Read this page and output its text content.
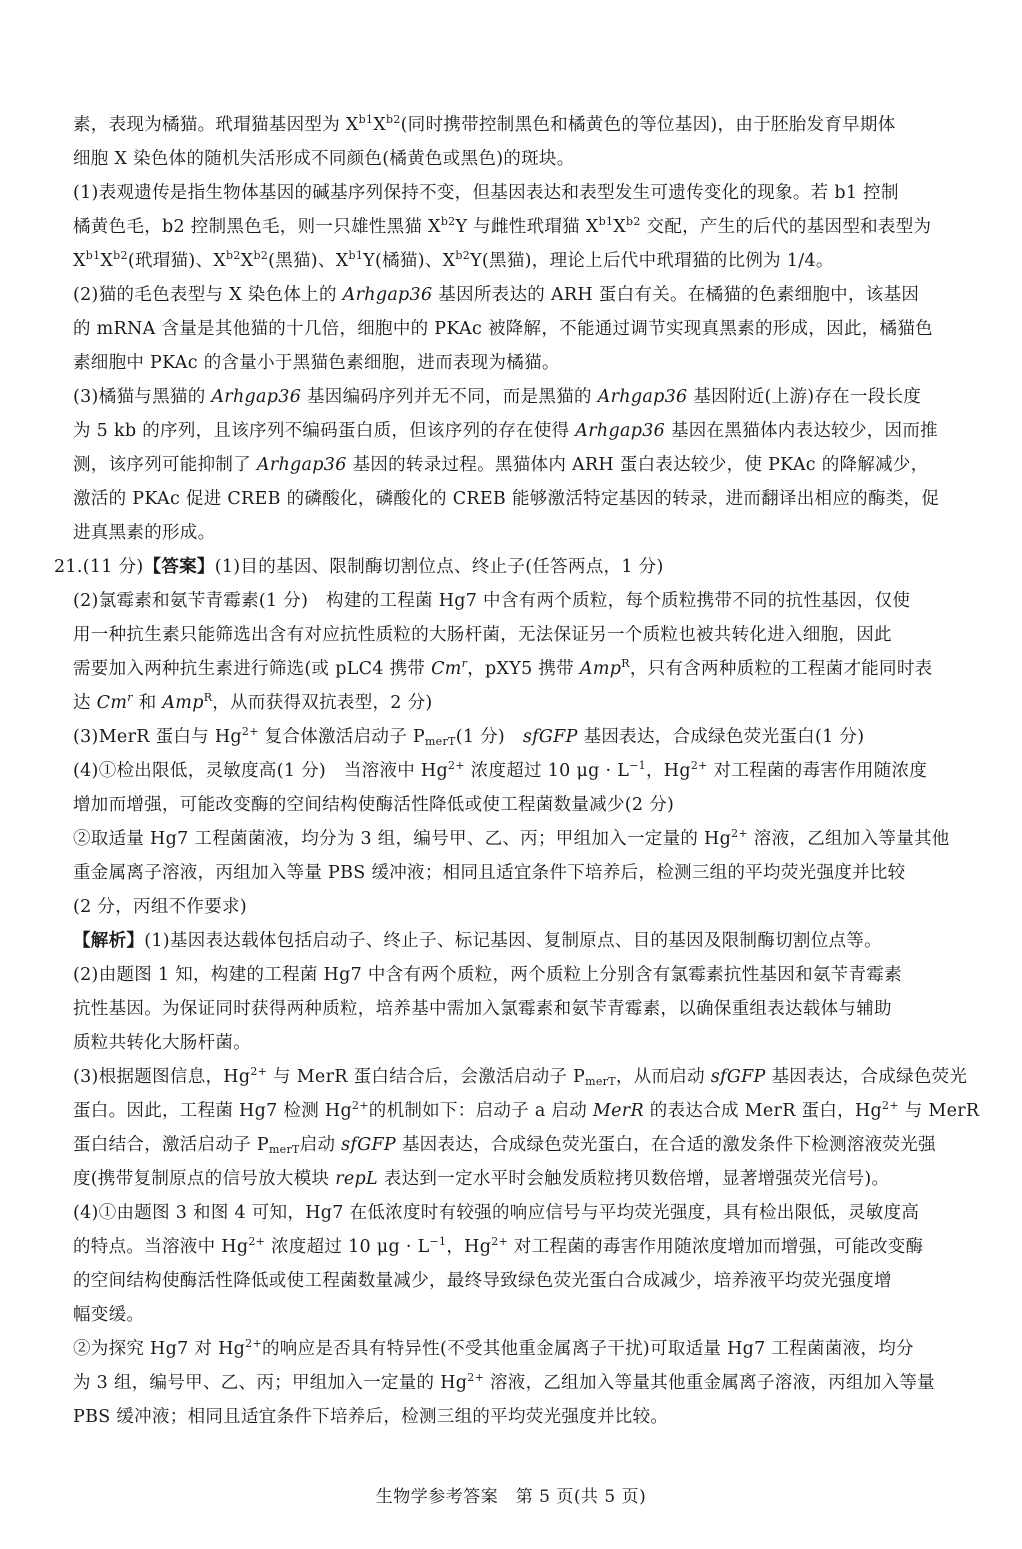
素，表现为橘猫。玳瑁猫基因型为 $X^{b1}X^{b2}$(同时携带控制黑色和橘黄色的等位基因)，由于胚胎发育早期体
细胞 X 染色体的随机失活形成不同颜色(橘黄色或黑色)的斑块。
(1)表观遗传是指生物体基因的碱基序列保持不变，但基因表达和表型发生可遗传变化的现象。若 b1 控制
橘黄色毛，b2 控制黑色毛，则一只雄性黑猫 $X^{b2}Y$ 与雌性玳瑁猫 $X^{b1}X^{b2}$ 交配，产生的后代的基因型和表型为
$X^{b1}X^{b2}$(玳瑁猫)、$X^{b2}X^{b2}$(黑猫)、$X^{b1}Y$(橘猫)、$X^{b2}Y$(黑猫)，理论上后代中玳瑁猫的比例为 1/4。
(2)猫的毛色表型与 X 染色体上的 Arhgap36 基因所表达的 ARH 蛋白有关。在橘猫的色素细胞中，该基因
的 mRNA 含量是其他猫的十几倍，细胞中的 PKAc 被降解，不能通过调节实现真黑素的形成，因此，橘猫色
素细胞中 PKAc 的含量小于黑猫色素细胞，进而表现为橘猫。
(3)橘猫与黑猫的 Arhgap36 基因编码序列并无不同，而是黑猫的 Arhgap36 基因附近(上游)存在一段长度
为 5 kb 的序列，且该序列不编码蛋白质，但该序列的存在使得 Arhgap36 基因在黑猫体内表达较少，因而推
测，该序列可能抑制了 Arhgap36 基因的转录过程。黑猫体内 ARH 蛋白表达较少，使 PKAc 的降解减少，
激活的 PKAc 促进 CREB 的磷酸化，磷酸化的 CREB 能够激活特定基因的转录，进而翻译出相应的酶类，促
进真黑素的形成。
21.(11 分)【答案】(1)目的基因、限制酶切割位点、终止子(任答两点，1 分)
(2)氯霉素和氨苄青霉素(1 分)　构建的工程菌 Hg7 中含有两个质粒，每个质粒携带不同的抗性基因，仅使
用一种抗生素只能筛选出含有对应抗性质粒的大肠杆菌，无法保证另一个质粒也被共转化进入细胞，因此
需要加入两种抗生素进行筛选(或 pLC4 携带 Cm$^r$，pXY5 携带 Amp$^R$，只有含两种质粒的工程菌才能同时表
达 Cm$^r$ 和 Amp$^R$，从而获得双抗表型，2 分)
(3)MerR 蛋白与 $Hg^{2+}$ 复合体激活启动子 $P_{merT}(1$ 分)　sfGFP 基因表达，合成绿色荧光蛋白(1 分)
(4)①检出限低，灵敏度高(1 分)　当溶液中 $Hg^{2+}$ 浓度超过 10 $\mu g \cdot L^{-1}$，$Hg^{2+}$ 对工程菌的毒害作用随浓度
增加而增强，可能改变酶的空间结构使酶活性降低或使工程菌数量减少(2 分)
②取适量 Hg7 工程菌菌液，均分为 3 组，编号甲、乙、丙；甲组加入一定量的 $Hg^{2+}$ 溶液，乙组加入等量其他
重金属离子溶液，丙组加入等量 PBS 缓冲液；相同且适宜条件下培养后，检测三组的平均荧光强度并比较
(2 分，丙组不作要求)
【解析】(1)基因表达载体包括启动子、终止子、标记基因、复制原点、目的基因及限制酶切割位点等。
(2)由题图 1 知，构建的工程菌 Hg7 中含有两个质粒，两个质粒上分别含有氯霉素抗性基因和氨苄青霉素
抗性基因。为保证同时获得两种质粒，培养基中需加入氯霉素和氨苄青霉素，以确保重组表达载体与辅助
质粒共转化大肠杆菌。
(3)根据题图信息，$Hg^{2+}$ 与 MerR 蛋白结合后，会激活启动子 $P_{merT}$，从而启动 sfGFP 基因表达，合成绿色荧光
蛋白。因此，工程菌 Hg7 检测 $Hg^{2+}$的机制如下：启动子 a 启动 MerR 的表达合成 MerR 蛋白，$Hg^{2+}$ 与 MerR
蛋白结合，激活启动子 $P_{merT}$启动 sfGFP 基因表达，合成绿色荧光蛋白，在合适的激发条件下检测溶液荧光强
度(携带复制原点的信号放大模块 repL 表达到一定水平时会触发质粒拷贝数倍增，显著增强荧光信号)。
(4)①由题图 3 和图 4 可知，Hg7 在低浓度时有较强的响应信号与平均荧光强度，具有检出限低，灵敏度高
的特点。当溶液中 $Hg^{2+}$ 浓度超过 10 $\mu g \cdot L^{-1}$，$Hg^{2+}$ 对工程菌的毒害作用随浓度增加而增强，可能改变酶
的空间结构使酶活性降低或使工程菌数量减少，最终导致绿色荧光蛋白合成减少，培养液平均荧光强度增
幅变缓。
②为探究 Hg7 对 $Hg^{2+}$的响应是否具有特异性(不受其他重金属离子干扰)可取适量 Hg7 工程菌菌液，均分
为 3 组，编号甲、乙、丙；甲组加入一定量的 $Hg^{2+}$ 溶液，乙组加入等量其他重金属离子溶液，丙组加入等量
PBS 缓冲液；相同且适宜条件下培养后，检测三组的平均荧光强度并比较。
生物学参考答案　第 5 页(共 5 页)
